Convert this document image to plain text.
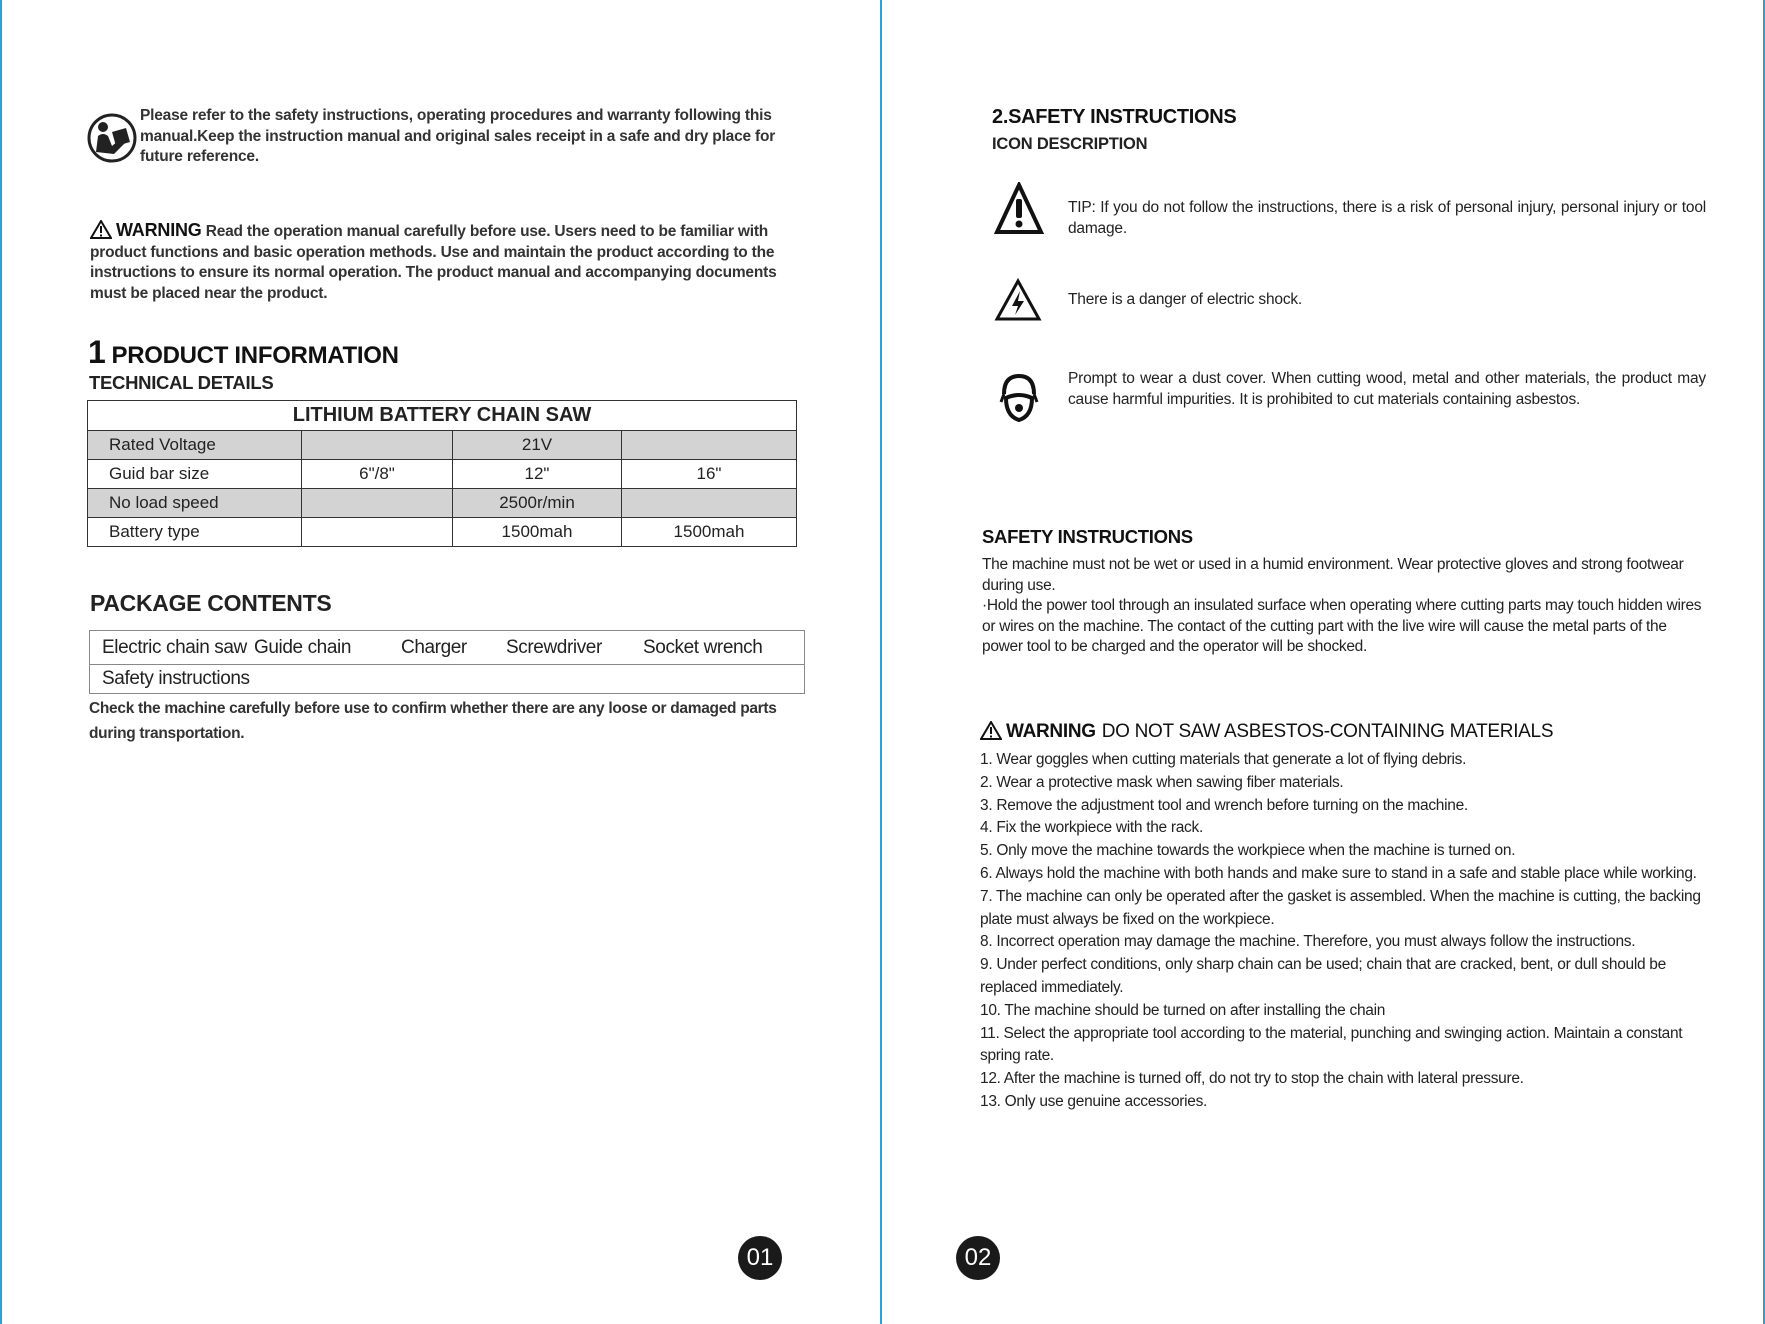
Please refer to the safety instructions, operating procedures and warranty following this manual.Keep the instruction manual and original sales receipt in a safe and dry place for future reference.
WARNING Read the operation manual carefully before use. Users need to be familiar with product functions and basic operation methods. Use and maintain the product according to the instructions to ensure its normal operation. The product manual and accompanying documents must be placed near the product.
1 PRODUCT INFORMATION
TECHNICAL DETAILS
LITHIUM BATTERY CHAIN SAW			
Rated Voltage		21V	
Guid bar size	6"/8"	12"	16"
No load speed		2500r/min	
Battery type		1500mah	1500mah
PACKAGE CONTENTS
Electric chain saw	Guide chain	Charger	Screwdriver	Socket wrench
Safety instructions
Check the machine carefully before use to confirm whether there are any loose or damaged parts during transportation.
01
2.SAFETY INSTRUCTIONS
ICON DESCRIPTION
TIP: If you do not follow the instructions, there is a risk of personal injury, personal injury or tool damage.
There is a danger of electric shock.
Prompt to wear a dust cover. When cutting wood, metal and other materials, the product may cause harmful impurities. It is prohibited to cut materials containing asbestos.
SAFETY INSTRUCTIONS

The machine must not be wet or used in a humid environment. Wear protective gloves and strong footwear during use.

·Hold the power tool through an insulated surface when operating where cutting parts may touch hidden wires or wires on the machine. The contact of the cutting part with the live wire will cause the metal parts of the power tool to be charged and the operator will be shocked.

WARNING DO NOT SAW ASBESTOS-CONTAINING MATERIALS
1. Wear goggles when cutting materials that generate a lot of flying debris.
2. Wear a protective mask when sawing fiber materials.
3. Remove the adjustment tool and wrench before turning on the machine.
4. Fix the workpiece with the rack.
5. Only move the machine towards the workpiece when the machine is turned on.
6. Always hold the machine with both hands and make sure to stand in a safe and stable place while working.
7. The machine can only be operated after the gasket is assembled. When the machine is cutting, the backing plate must always be fixed on the workpiece.
8. Incorrect operation may damage the machine. Therefore, you must always follow the instructions.
9. Under perfect conditions, only sharp chain can be used; chain that are cracked, bent, or dull should be replaced immediately.
10. The machine should be turned on after installing the chain
11. Select the appropriate tool according to the material, punching and swinging action. Maintain a constant spring rate.
12. After the machine is turned off, do not try to stop the chain with lateral pressure.
13. Only use genuine accessories.
02
